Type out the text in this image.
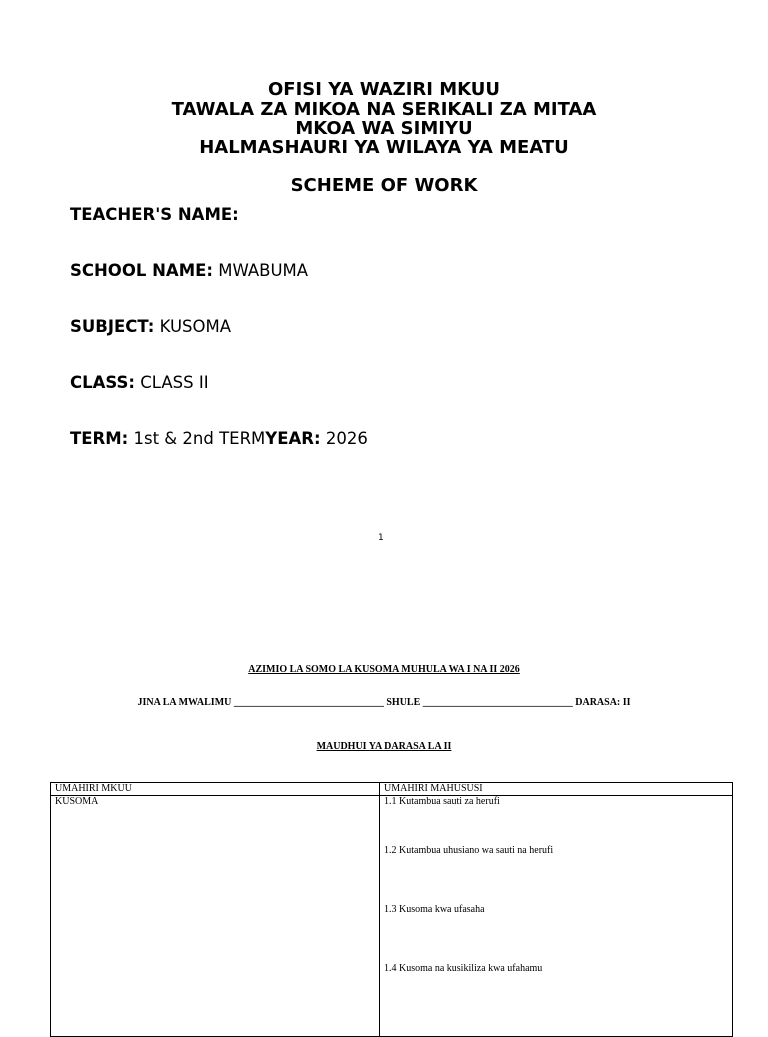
OFISI YA WAZIRI MKUU
TAWALA ZA MIKOA NA SERIKALI ZA MITAA
MKOA WA SIMIYU
HALMASHAURI YA WILAYA YA MEATU
SCHEME OF WORK
TEACHER'S NAME:
SCHOOL NAME: MWABUMA
SUBJECT: KUSOMA
CLASS: CLASS II
TERM: 1st & 2nd TERMYEAR: 2026
1
AZIMIO LA SOMO LA KUSOMA MUHULA WA I NA II 2026
JINA LA MWALIMU ______________________________ SHULE ______________________________ DARASA: II
MAUDHUI YA DARASA LA II
UMAHIRI MKUU	UMAHIRI MAHUSUSI
KUSOMA	1.1 Kutambua sauti za herufi
1.2 Kutambua uhusiano wa sauti na herufi
1.3 Kusoma kwa ufasaha
1.4 Kusoma na kusikiliza kwa ufahamu
